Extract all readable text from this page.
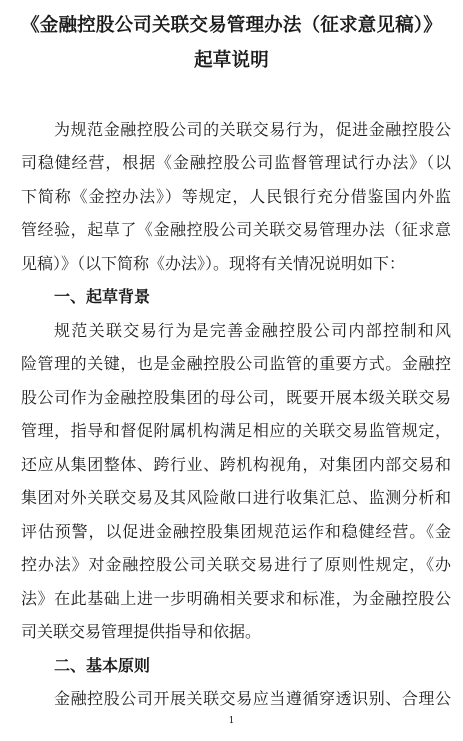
《金融控股公司关联交易管理办法（征求意见稿）》
起草说明
为规范金融控股公司的关联交易行为，促进金融控股公
司稳健经营，根据《金融控股公司监督管理试行办法》（以
下简称《金控办法》）等规定，人民银行充分借鉴国内外监
管经验，起草了《金融控股公司关联交易管理办法（征求意
见稿）》（以下简称《办法》）。现将有关情况说明如下：
一、起草背景
规范关联交易行为是完善金融控股公司内部控制和风
险管理的关键，也是金融控股公司监管的重要方式。金融控
股公司作为金融控股集团的母公司，既要开展本级关联交易
管理，指导和督促附属机构满足相应的关联交易监管规定，
还应从集团整体、跨行业、跨机构视角，对集团内部交易和
集团对外关联交易及其风险敞口进行收集汇总、监测分析和
评估预警，以促进金融控股集团规范运作和稳健经营。《金
控办法》对金融控股公司关联交易进行了原则性规定，《办
法》在此基础上进一步明确相关要求和标准，为金融控股公
司关联交易管理提供指导和依据。
二、基本原则
金融控股公司开展关联交易应当遵循穿透识别、合理公
1
